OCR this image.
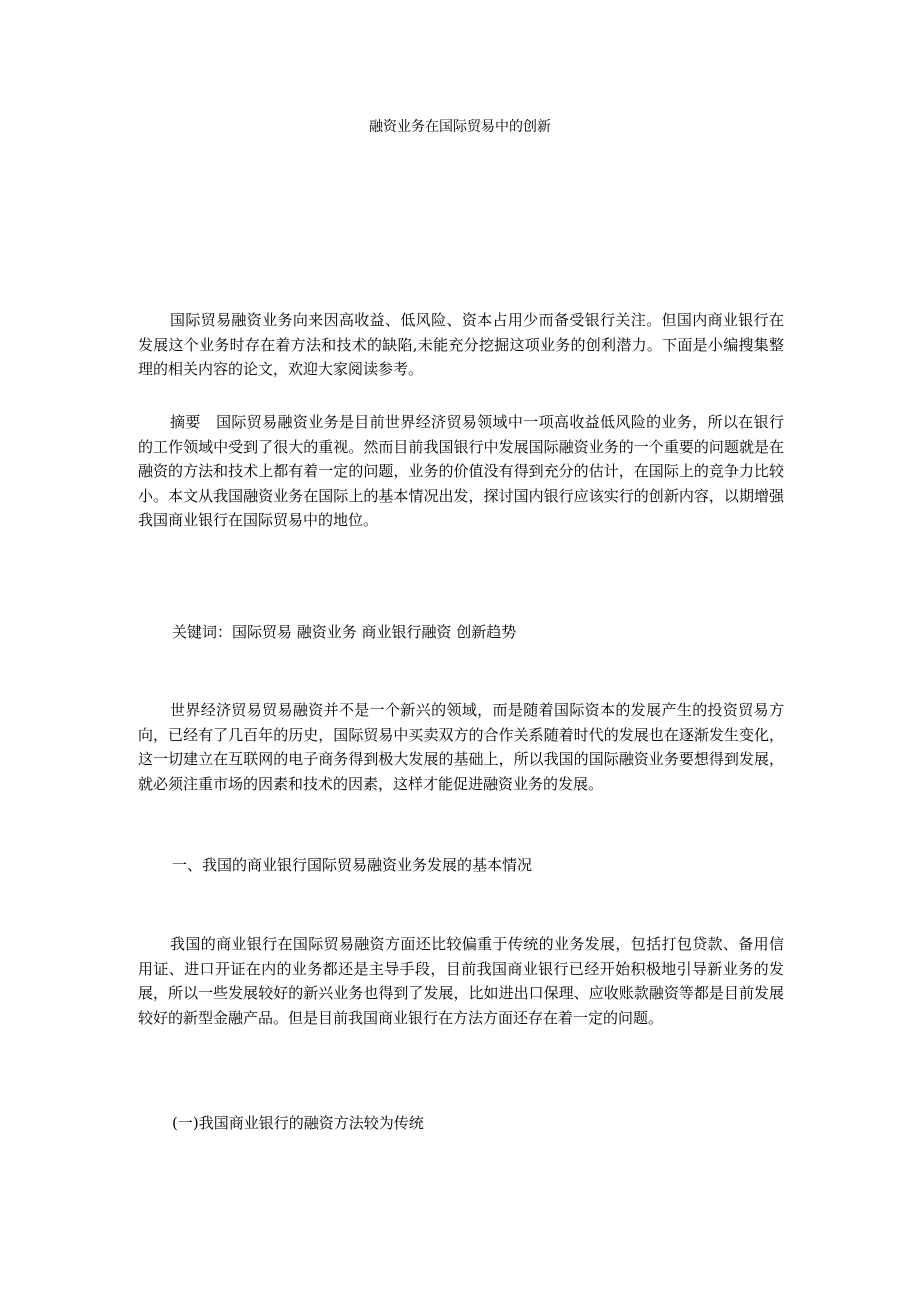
融资业务在国际贸易中的创新

国际贸易融资业务向来因高收益、低风险、资本占用少而备受银行关注。但国内商业银行在发展这个业务时存在着方法和技术的缺陷,未能充分挖掘这项业务的创利潜力。下面是小编搜集整理的相关内容的论文，欢迎大家阅读参考。

摘要　国际贸易融资业务是目前世界经济贸易领域中一项高收益低风险的业务，所以在银行的工作领域中受到了很大的重视。然而目前我国银行中发展国际融资业务的一个重要的问题就是在融资的方法和技术上都有着一定的问题，业务的价值没有得到充分的估计，在国际上的竞争力比较小。本文从我国融资业务在国际上的基本情况出发，探讨国内银行应该实行的创新内容，以期增强我国商业银行在国际贸易中的地位。

关键词：国际贸易 融资业务 商业银行融资 创新趋势

世界经济贸易贸易融资并不是一个新兴的领域，而是随着国际资本的发展产生的投资贸易方向，已经有了几百年的历史，国际贸易中买卖双方的合作关系随着时代的发展也在逐渐发生变化，这一切建立在互联网的电子商务得到极大发展的基础上，所以我国的国际融资业务要想得到发展，就必须注重市场的因素和技术的因素，这样才能促进融资业务的发展。

一、我国的商业银行国际贸易融资业务发展的基本情况

我国的商业银行在国际贸易融资方面还比较偏重于传统的业务发展，包括打包贷款、备用信用证、进口开证在内的业务都还是主导手段，目前我国商业银行已经开始积极地引导新业务的发展，所以一些发展较好的新兴业务也得到了发展，比如进出口保理、应收账款融资等都是目前发展较好的新型金融产品。但是目前我国商业银行在方法方面还存在着一定的问题。

(一)我国商业银行的融资方法较为传统
